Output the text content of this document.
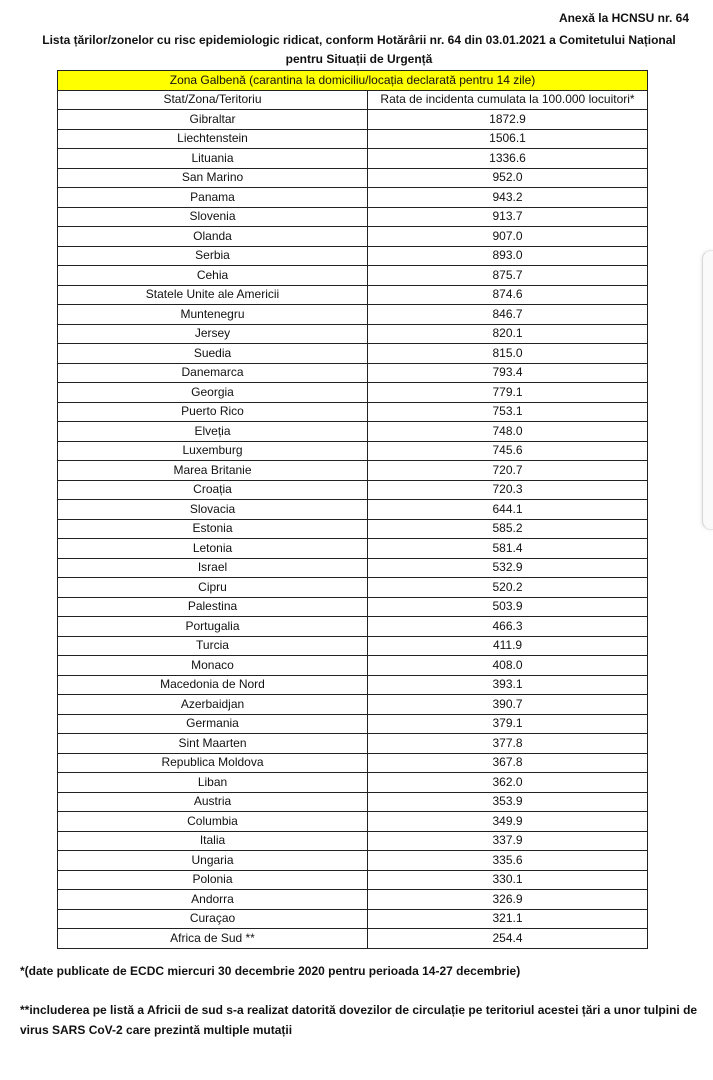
Anexă la HCNSU nr. 64
Lista țărilor/zonelor cu risc epidemiologic ridicat, conform Hotărârii nr. 64 din 03.01.2021 a Comitetului Național
pentru Situații de Urgență
Zona Galbenă (carantina la domiciliu/locația declarată pentru 14 zile)	
Stat/Zona/Teritoriu	Rata de incidenta cumulata la 100.000 locuitori*
Gibraltar	1872.9
Liechtenstein	1506.1
Lituania	1336.6
San Marino	952.0
Panama	943.2
Slovenia	913.7
Olanda	907.0
Serbia	893.0
Cehia	875.7
Statele Unite ale Americii	874.6
Muntenegru	846.7
Jersey	820.1
Suedia	815.0
Danemarca	793.4
Georgia	779.1
Puerto Rico	753.1
Elveția	748.0
Luxemburg	745.6
Marea Britanie	720.7
Croația	720.3
Slovacia	644.1
Estonia	585.2
Letonia	581.4
Israel	532.9
Cipru	520.2
Palestina	503.9
Portugalia	466.3
Turcia	411.9
Monaco	408.0
Macedonia de Nord	393.1
Azerbaidjan	390.7
Germania	379.1
Sint Maarten	377.8
Republica Moldova	367.8
Liban	362.0
Austria	353.9
Columbia	349.9
Italia	337.9
Ungaria	335.6
Polonia	330.1
Andorra	326.9
Curaçao	321.1
Africa de Sud **	254.4
*(date publicate de ECDC miercuri 30 decembrie 2020 pentru perioada 14-27 decembrie)
**includerea pe listă a Africii de sud s-a realizat datorită dovezilor de circulație pe teritoriul acestei țări a unor tulpini de virus SARS CoV-2 care prezintă multiple mutații
